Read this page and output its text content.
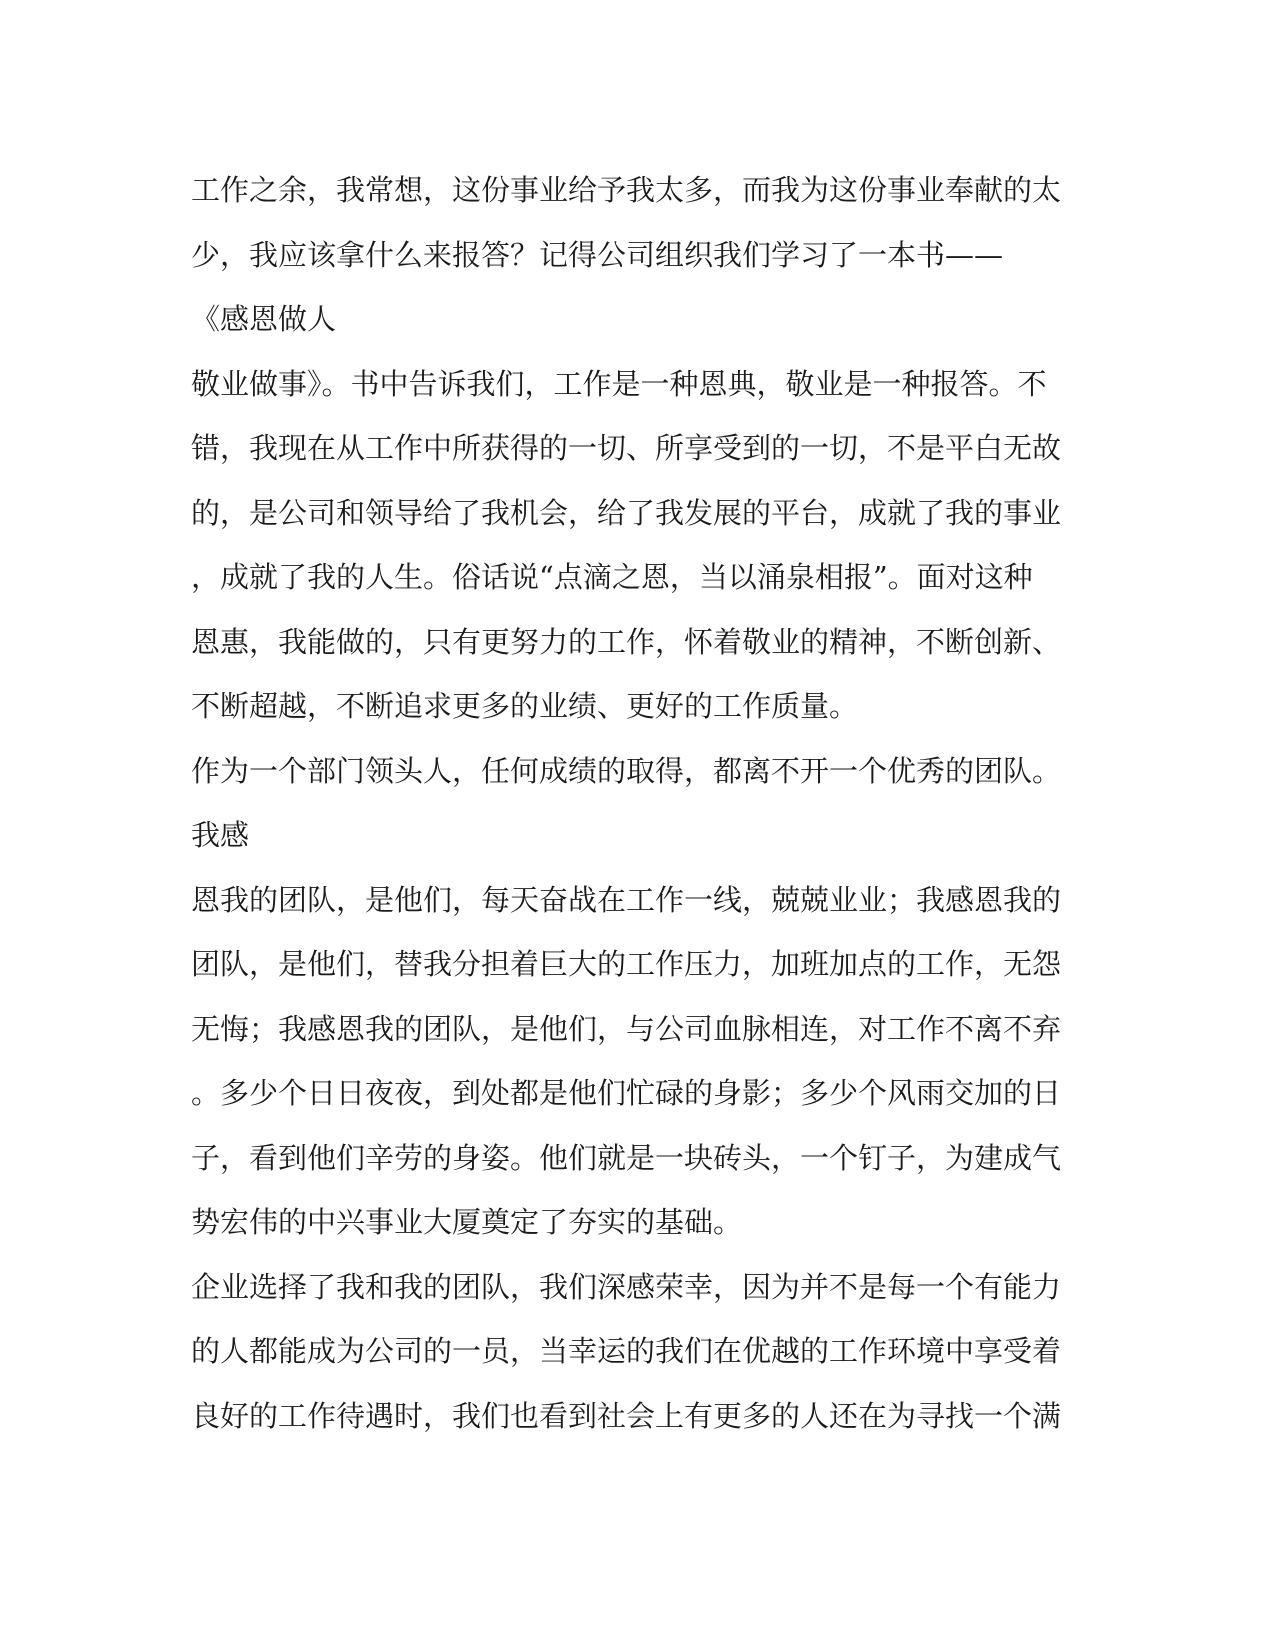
工作之余，我常想，这份事业给予我太多，而我为这份事业奉献的太
少，我应该拿什么来报答？记得公司组织我们学习了一本书——
《感恩做人
敬业做事》。书中告诉我们，工作是一种恩典，敬业是一种报答。不
错，我现在从工作中所获得的一切、所享受到的一切，不是平白无故
的，是公司和领导给了我机会，给了我发展的平台，成就了我的事业
，成就了我的人生。俗话说“点滴之恩，当以涌泉相报”。面对这种
恩惠，我能做的，只有更努力的工作，怀着敬业的精神，不断创新、
不断超越，不断追求更多的业绩、更好的工作质量。
作为一个部门领头人，任何成绩的取得，都离不开一个优秀的团队。
我感
恩我的团队，是他们，每天奋战在工作一线，兢兢业业；我感恩我的
团队，是他们，替我分担着巨大的工作压力，加班加点的工作，无怨
无悔；我感恩我的团队，是他们，与公司血脉相连，对工作不离不弃
。多少个日日夜夜，到处都是他们忙碌的身影；多少个风雨交加的日
子，看到他们辛劳的身姿。他们就是一块砖头，一个钉子，为建成气
势宏伟的中兴事业大厦奠定了夯实的基础。
企业选择了我和我的团队，我们深感荣幸，因为并不是每一个有能力
的人都能成为公司的一员，当幸运的我们在优越的工作环境中享受着
良好的工作待遇时，我们也看到社会上有更多的人还在为寻找一个满
